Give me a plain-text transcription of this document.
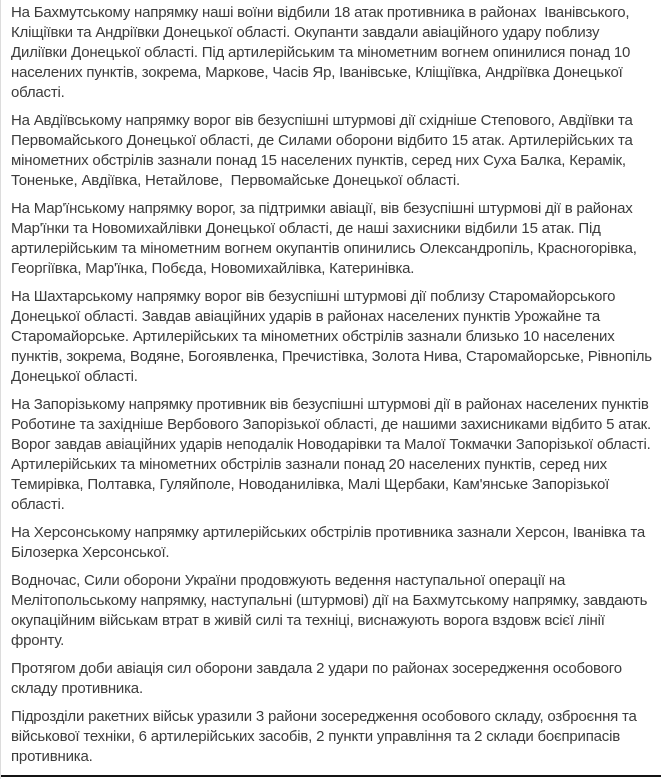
На Бахмутському напрямку наші воїни відбили 18 атак противника в районах  Іванівського, Кліщіївки та Андріївки Донецької області. Окупанти завдали авіаційного удару поблизу Диліївки Донецької області. Під артилерійським та мінометним вогнем опинилися понад 10 населених пунктів, зокрема, Маркове, Часів Яр, Іванівське, Кліщіївка, Андріївка Донецької області.

На Авдіївському напрямку ворог вів безуспішні штурмові дії східніше Степового, Авдіївки та Первомайського Донецької області, де Силами оборони відбито 15 атак. Артилерійських та мінометних обстрілів зазнали понад 15 населених пунктів, серед них Суха Балка, Керамік, Тоненьке, Авдіївка, Нетайлове,  Первомайське Донецької області.

На Мар'їнському напрямку ворог, за підтримки авіації, вів безуспішні штурмові дії в районах Мар'їнки та Новомихайлівки Донецької області, де наші захисники відбили 15 атак. Під артилерійським та мінометним вогнем окупантів опинились Олександропіль, Красногорівка, Георгіївка, Мар'їнка, Побєда, Новомихайлівка, Катеринівка.

На Шахтарському напрямку ворог вів безуспішні штурмові дії поблизу Старомайорського Донецької області. Завдав авіаційних ударів в районах населених пунктів Урожайне та Старомайорське. Артилерійських та мінометних обстрілів зазнали близько 10 населених пунктів, зокрема, Водяне, Богоявленка, Пречистівка, Золота Нива, Старомайорське, Рівнопіль Донецької області.

На Запорізькому напрямку противник вів безуспішні штурмові дії в районах населених пунктів Роботине та західніше Вербового Запорізької області, де нашими захисниками відбито 5 атак. Ворог завдав авіаційних ударів неподалік Новодарівки та Малої Токмачки Запорізької області. Артилерійських та мінометних обстрілів зазнали понад 20 населених пунктів, серед них Темирівка, Полтавка, Гуляйполе, Новоданилівка, Малі Щербаки, Кам'янське Запорізької області.

На Херсонському напрямку артилерійських обстрілів противника зазнали Херсон, Іванівка та Білозерка Херсонської.

Водночас, Сили оборони України продовжують ведення наступальної операції на Мелітопольському напрямку, наступальні (штурмові) дії на Бахмутському напрямку, завдають окупаційним військам втрат в живій силі та техніці, виснажують ворога вздовж всієї лінії фронту.

Протягом доби авіація сил оборони завдала 2 удари по районах зосередження особового складу противника.

Підрозділи ракетних військ уразили 3 райони зосередження особового складу, озброєння та військової техніки, 6 артилерійських засобів, 2 пункти управління та 2 склади боєприпасів противника.
